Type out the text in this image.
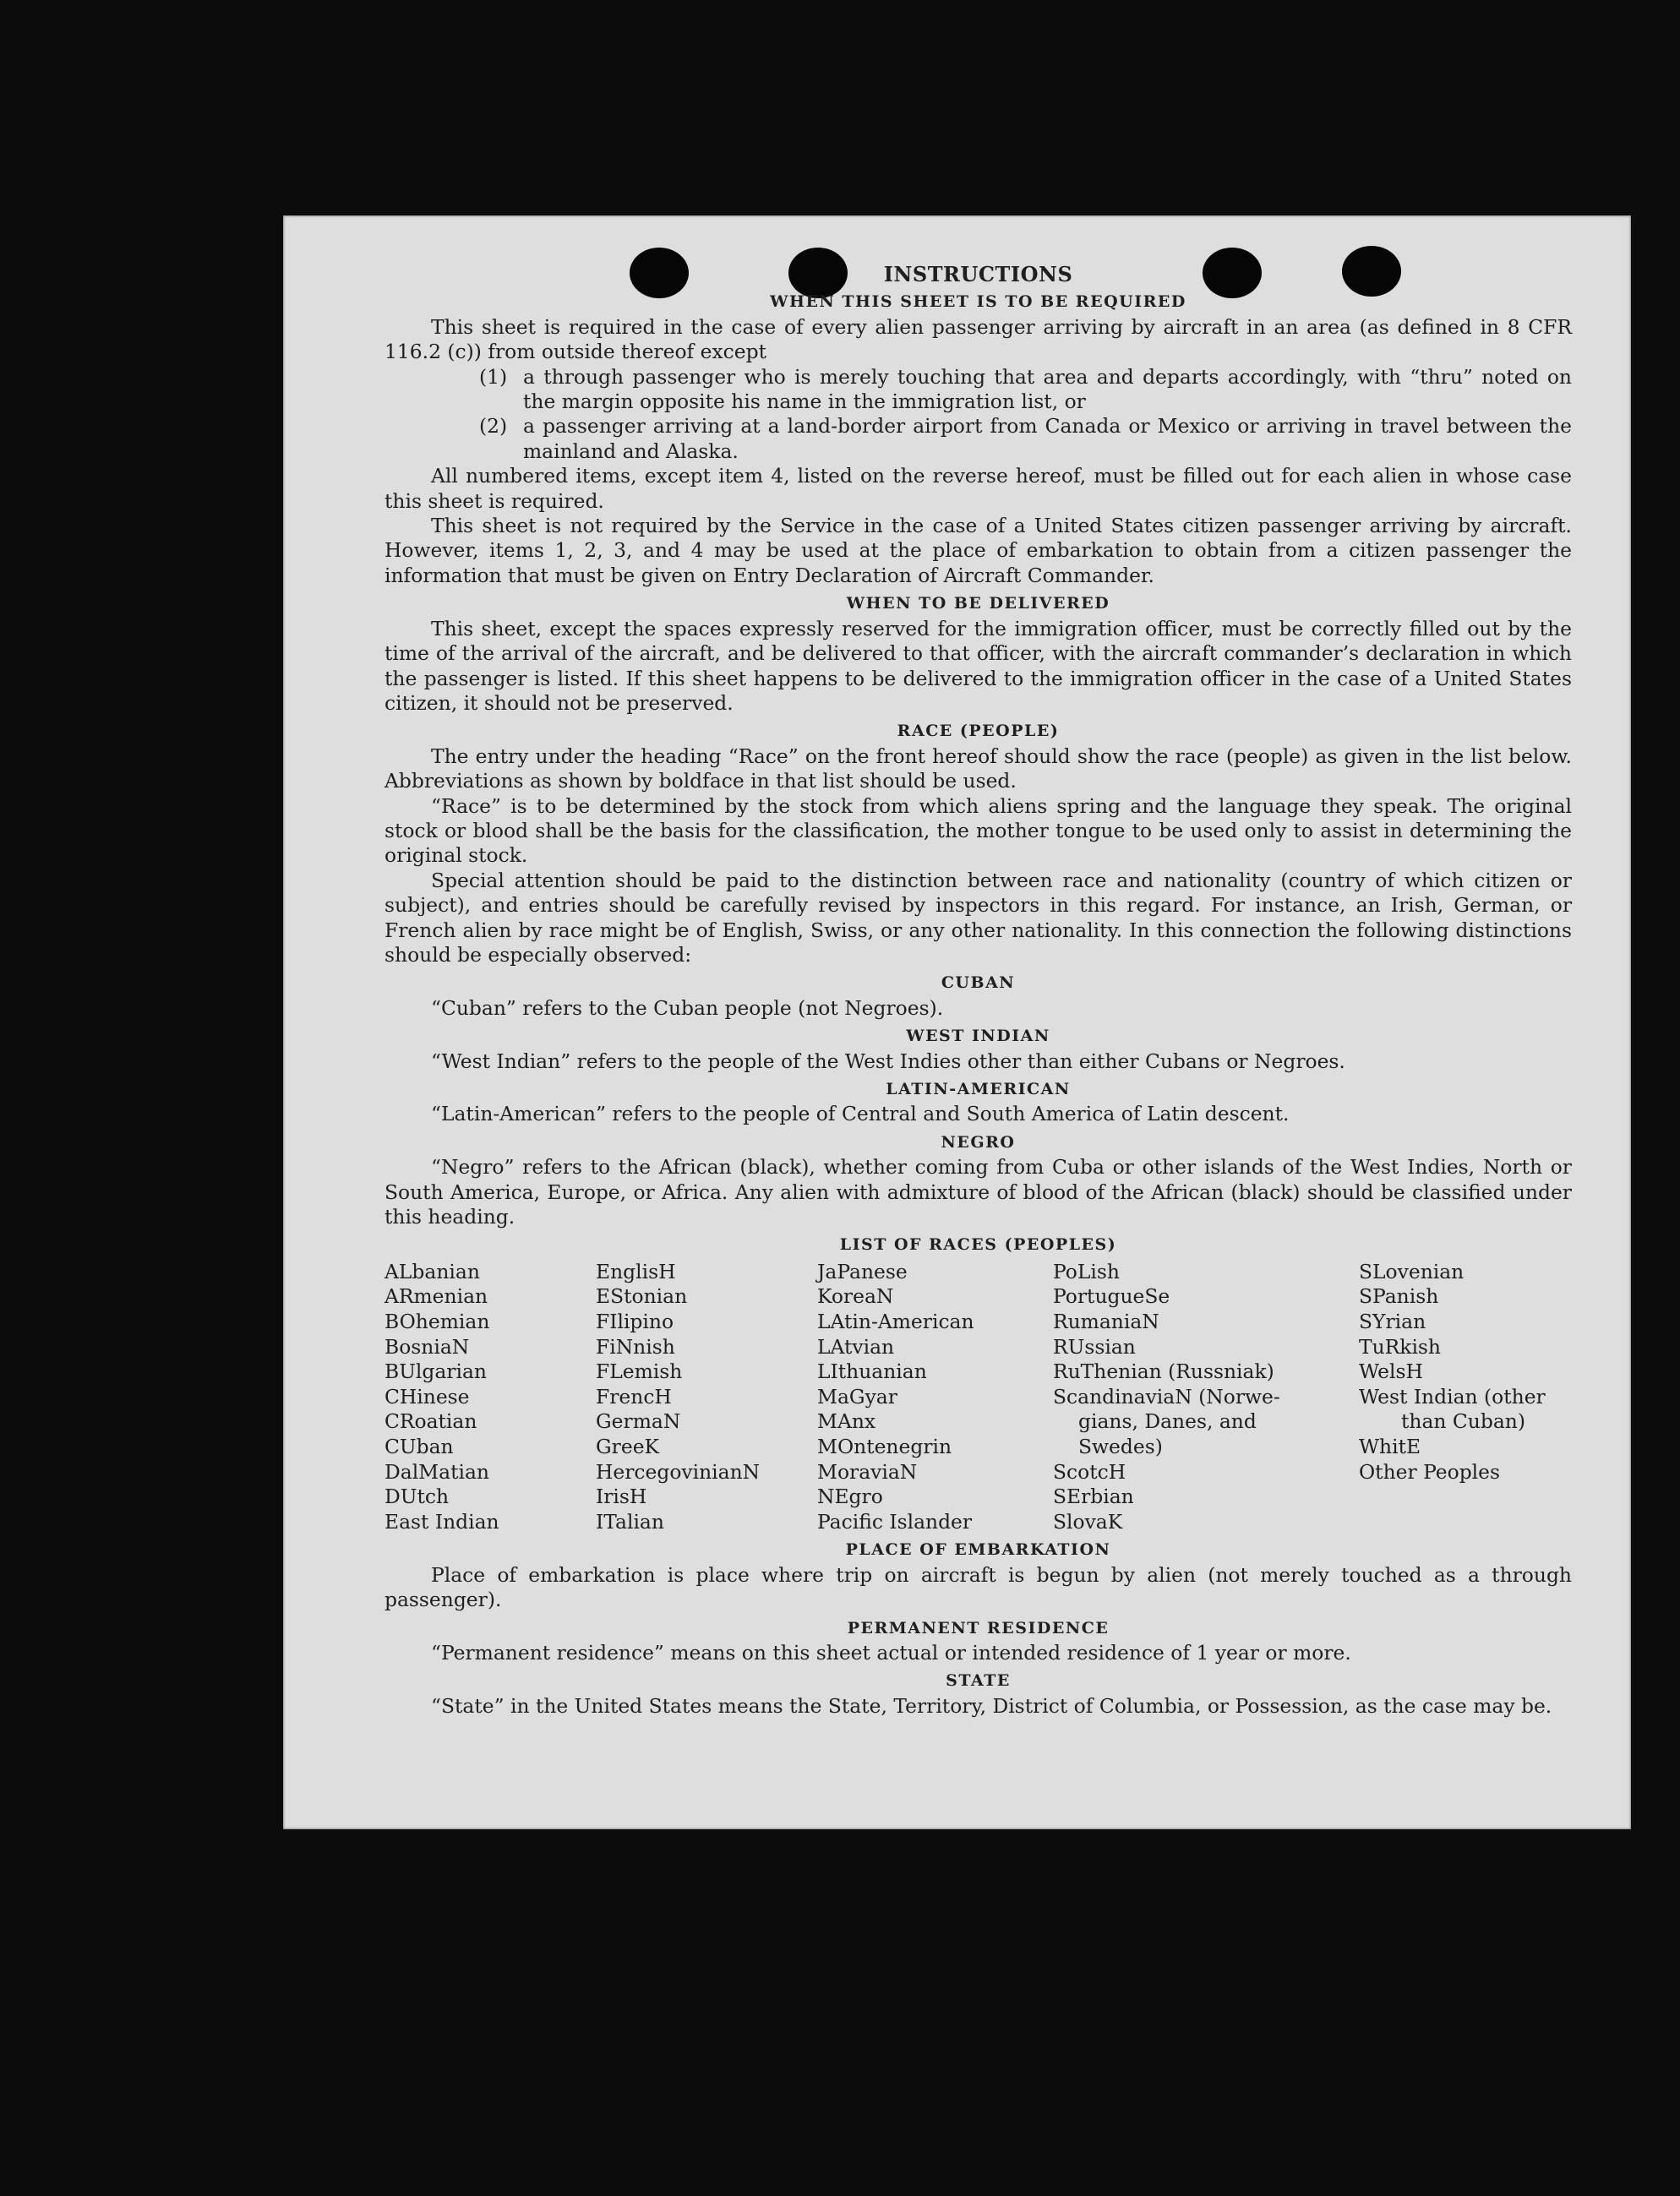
INSTRUCTIONS
WHEN THIS SHEET IS TO BE REQUIRED

This sheet is required in the case of every alien passenger arriving by aircraft in an area (as defined in 8 CFR 116.2 (c)) from outside thereof except

(1) a through passenger who is merely touching that area and departs accordingly, with “thru” noted on the margin opposite his name in the immigration list, or
(2) a passenger arriving at a land-border airport from Canada or Mexico or arriving in travel between the mainland and Alaska.

All numbered items, except item 4, listed on the reverse hereof, must be filled out for each alien in whose case this sheet is required.

This sheet is not required by the Service in the case of a United States citizen passenger arriving by aircraft. However, items 1, 2, 3, and 4 may be used at the place of embarkation to obtain from a citizen passenger the information that must be given on Entry Declaration of Aircraft Commander.

WHEN TO BE DELIVERED

This sheet, except the spaces expressly reserved for the immigration officer, must be correctly filled out by the time of the arrival of the aircraft, and be delivered to that officer, with the aircraft commander’s declaration in which the passenger is listed. If this sheet happens to be delivered to the immigration officer in the case of a United States citizen, it should not be preserved.

RACE (PEOPLE)

The entry under the heading “Race” on the front hereof should show the race (people) as given in the list below. Abbreviations as shown by boldface in that list should be used.

“Race” is to be determined by the stock from which aliens spring and the language they speak. The original stock or blood shall be the basis for the classification, the mother tongue to be used only to assist in determining the original stock.

Special attention should be paid to the distinction between race and nationality (country of which citizen or subject), and entries should be carefully revised by inspectors in this regard. For instance, an Irish, German, or French alien by race might be of English, Swiss, or any other nationality. In this connection the following distinctions should be especially observed:

CUBAN

“Cuban” refers to the Cuban people (not Negroes).

WEST INDIAN

“West Indian” refers to the people of the West Indies other than either Cubans or Negroes.

LATIN-AMERICAN

“Latin-American” refers to the people of Central and South America of Latin descent.

NEGRO

“Negro” refers to the African (black), whether coming from Cuba or other islands of the West Indies, North or South America, Europe, or Africa. Any alien with admixture of blood of the African (black) should be classified under this heading.

LIST OF RACES (PEOPLES)
ALbanian
ARmenian
BOhemian
BosniaN
BUlgarian
CHinese
CRoatian
CUban
DalMatian
DUtch
East Indian
EnglisH
EStonian
FIlipino
FiNnish
FLemish
FrencH
GermaN
GreeK
HercegovinianN
IrisH
ITalian
JaPanese
KoreaN
LAtin-American
LAtvian
LIthuanian
MaGyar
MAnx
MOntenegrin
MoraviaN
NEgro
Pacific Islander
PoLish
PortugueSe
RumaniaN
RUssian
RuThenian (Russniak)
ScandinaviaN (Norwe-
gians, Danes, and
Swedes)
ScotcH
SErbian
SlovaK
SLovenian
SPanish
SYrian
TuRkish
WelsH
West Indian (other
than Cuban)
WhitE
Other Peoples
PLACE OF EMBARKATION

Place of embarkation is place where trip on aircraft is begun by alien (not merely touched as a through passenger).

PERMANENT RESIDENCE

“Permanent residence” means on this sheet actual or intended residence of 1 year or more.

STATE

“State” in the United States means the State, Territory, District of Columbia, or Possession, as the case may be.
